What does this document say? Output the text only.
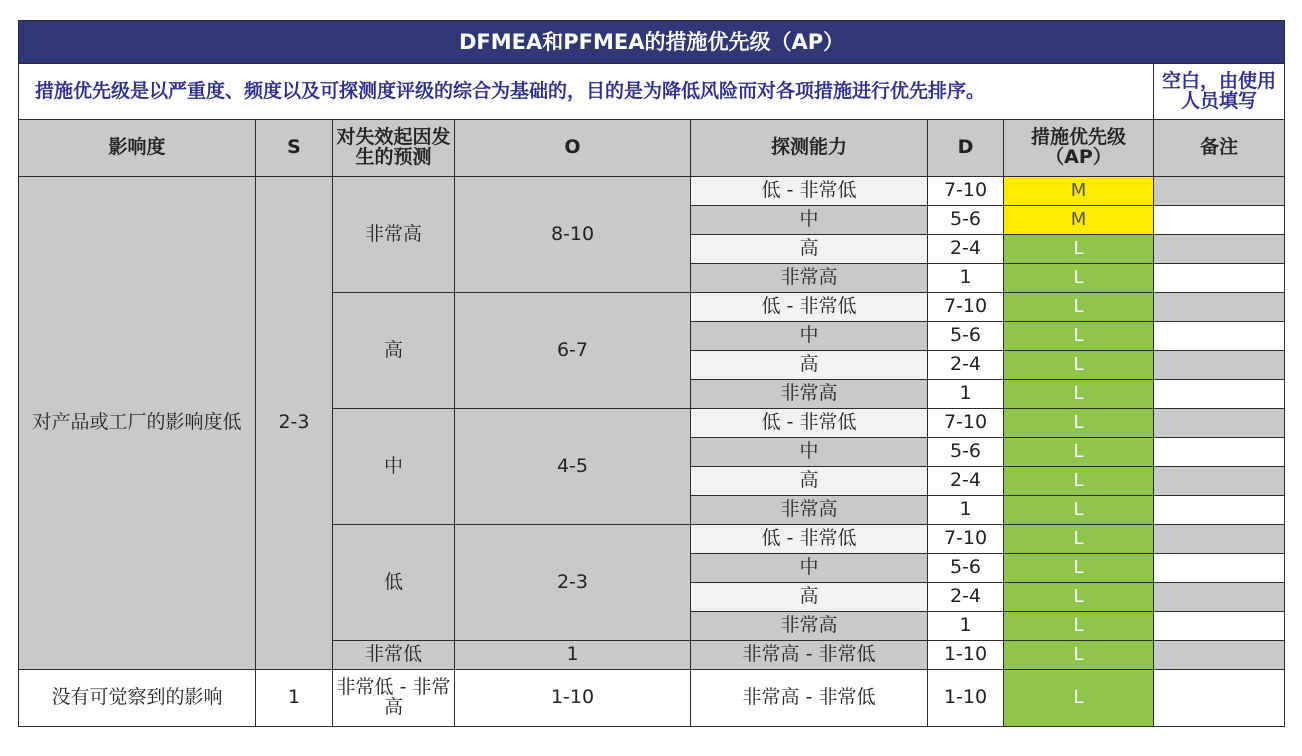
DFMEA和PFMEA的措施优先级（AP）							
措施优先级是以严重度、频度以及可探测度评级的综合为基础的，目的是为降低风险而对各项措施进行优先排序。							空白，由使用人员填写
影响度	S	对失效起因发生的预测	O	探测能力	D	措施优先级（AP）	备注
对产品或工厂的影响度低	2-3	非常高	8-10	低 - 非常低	7-10	M	
				中	5-6	M	
				高	2-4	L	
				非常高	1	L	
		高	6-7	低 - 非常低	7-10	L	
				中	5-6	L	
				高	2-4	L	
				非常高	1	L	
		中	4-5	低 - 非常低	7-10	L	
				中	5-6	L	
				高	2-4	L	
				非常高	1	L	
		低	2-3	低 - 非常低	7-10	L	
				中	5-6	L	
				高	2-4	L	
				非常高	1	L	
		非常低	1	非常高 - 非常低	1-10	L	
没有可觉察到的影响	1	非常低 - 非常 高	1-10	非常高 - 非常低	1-10	L	
